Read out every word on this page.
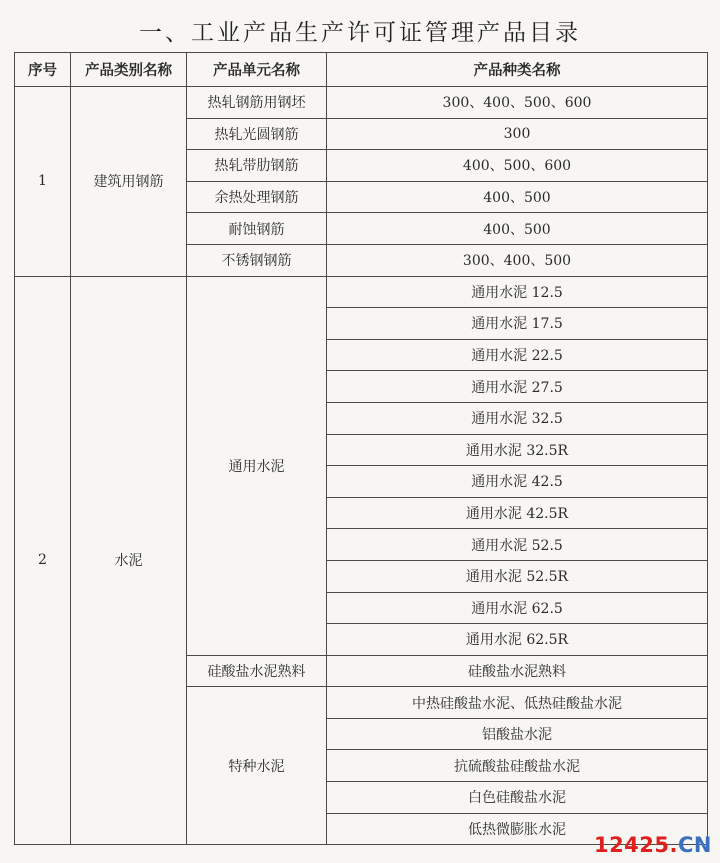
一、工业产品生产许可证管理产品目录
序号	产品类别名称	产品单元名称	产品种类名称
1	建筑用钢筋	热轧钢筋用钢坯	300、400、500、600
		热轧光圆钢筋	300
		热轧带肋钢筋	400、500、600
		余热处理钢筋	400、500
		耐蚀钢筋	400、500
		不锈钢钢筋	300、400、500
2	水泥	通用水泥	通用水泥 12.5
			通用水泥 17.5
			通用水泥 22.5
			通用水泥 27.5
			通用水泥 32.5
			通用水泥 32.5R
			通用水泥 42.5
			通用水泥 42.5R
			通用水泥 52.5
			通用水泥 52.5R
			通用水泥 62.5
			通用水泥 62.5R
		硅酸盐水泥熟料	硅酸盐水泥熟料
		特种水泥	中热硅酸盐水泥、低热硅酸盐水泥
			铝酸盐水泥
			抗硫酸盐硅酸盐水泥
			白色硅酸盐水泥
			低热微膨胀水泥
12425.CN
